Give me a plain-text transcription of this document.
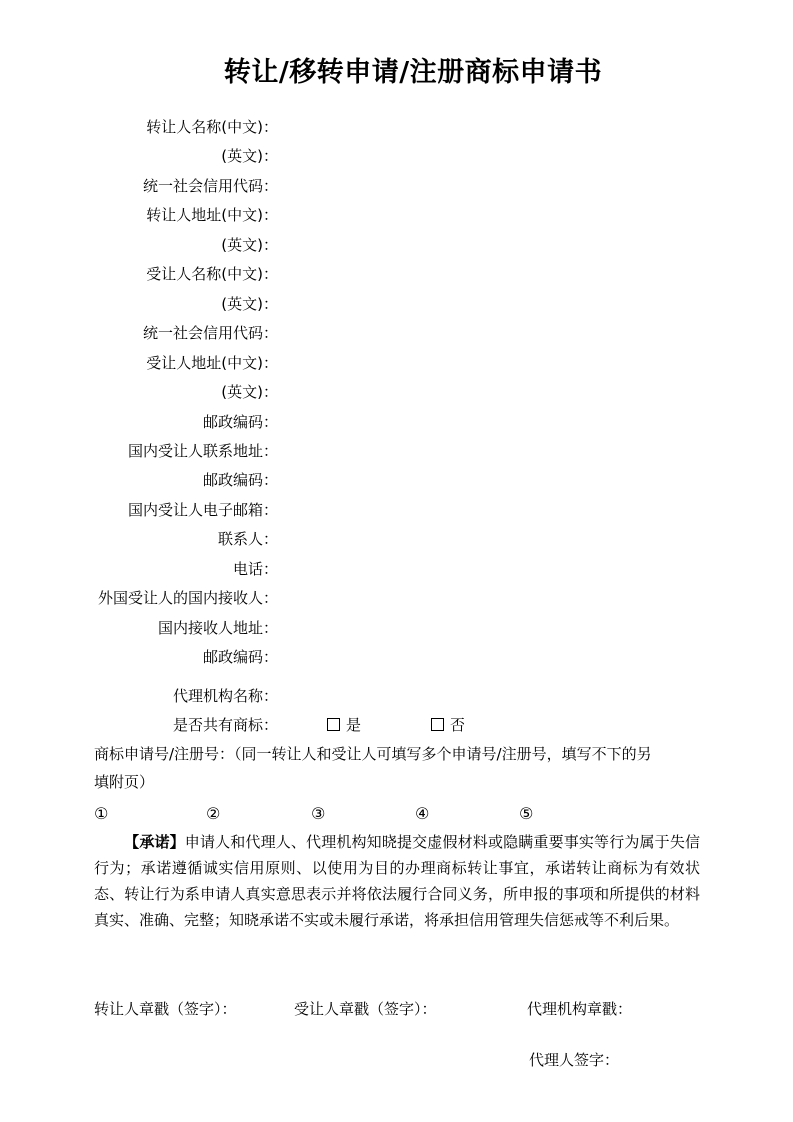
转让/移转申请/注册商标申请书
转让人名称(中文)：
(英文)：
统一社会信用代码：
转让人地址(中文)：
(英文)：
受让人名称(中文)：
(英文)：
统一社会信用代码：
受让人地址(中文)：
(英文)：
邮政编码：
国内受让人联系地址：
邮政编码：
国内受让人电子邮箱：
联系人：
电话：
外国受让人的国内接收人：
国内接收人地址：
邮政编码：
代理机构名称：
是否共有商标：	是	否
商标申请号/注册号：（同一转让人和受让人可填写多个申请号/注册号，填写不下的另
填附页）
①	②	③	④	⑤
【承诺】申请人和代理人、代理机构知晓提交虚假材料或隐瞒重要事实等行为属于失信行为；承诺遵循诚实信用原则、以使用为目的办理商标转让事宜，承诺转让商标为有效状态、转让行为系申请人真实意思表示并将依法履行合同义务，所申报的事项和所提供的材料真实、准确、完整；知晓承诺不实或未履行承诺，将承担信用管理失信惩戒等不利后果。
转让人章戳（签字）：	受让人章戳（签字）：	代理机构章戳：
代理人签字：
